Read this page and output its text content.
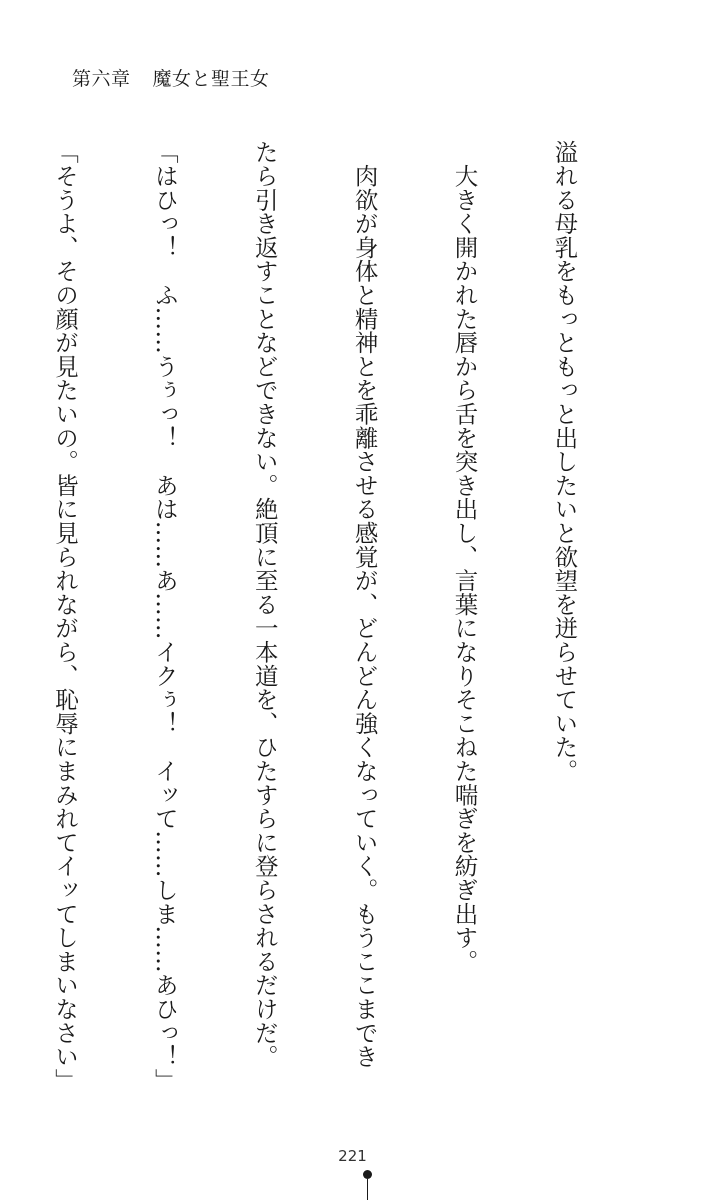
第六章 魔女と聖王女

溢れる母乳をもっともっと出したいと欲望を迸らせていた。

　大きく開かれた唇から舌を突き出し、言葉になりそこねた喘ぎを紡ぎ出す。

　肉欲が身体と精神とを乖離させる感覚が、どんどん強くなっていく。もうここまでき

たら引き返すことなどできない。絶頂に至る一本道を、ひたすらに登らされるだけだ。

「はひっ！　ふ……うぅっ！　あは……あ……イクぅ！　イッて……しま……あひっ！」

「そうよ、その顔が見たいの。皆に見られながら、恥辱にまみれてイッてしまいなさい」

221
